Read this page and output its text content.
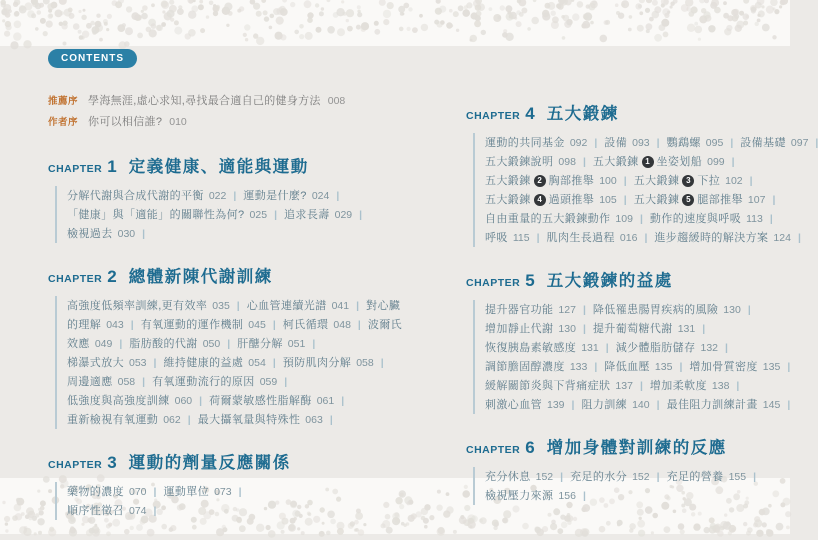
CONTENTS
推薦序 學海無涯,虛心求知,尋找最合適自己的健身方法 008
作者序 你可以相信誰? 010
CHAPTER 1 定義健康、適能與運動
分解代謝與合成代謝的平衡 022 | 運動是什麼? 024 |
「健康」與「適能」的關聯性為何? 025 | 追求長壽 029 |
檢視過去 030 |
CHAPTER 2 總體新陳代謝訓練
高強度低頻率訓練,更有效率 035 | 心血管連續光譜 041 | 對心臟
的理解 043 | 有氧運動的運作機制 045 | 柯氏循環 048 | 波爾氏
效應 049 | 脂肪酸的代謝 050 | 肝醣分解 051 |
梯瀑式放大 053 | 維持健康的益處 054 | 預防肌肉分解 058 |
周邊適應 058 | 有氧運動流行的原因 059 |
低強度與高強度訓練 060 | 荷爾蒙敏感性脂解酶 061 |
重新檢視有氧運動 062 | 最大攝氧量與特殊性 063 |
CHAPTER 3 運動的劑量反應關係
藥物的濃度 070 | 運動單位 073 |
順序性徵召 074 |
CHAPTER 4 五大鍛鍊
運動的共同基金 092 | 設備 093 | 鸚鵡螺 095 | 設備基礎 097 |
五大鍛鍊說明 098 | 五大鍛鍊 1 坐姿划船 099 |
五大鍛鍊 2 胸部推舉 100 | 五大鍛鍊 3 下拉 102 |
五大鍛鍊 4 過頭推舉 105 | 五大鍛鍊 5 腿部推舉 107 |
自由重量的五大鍛鍊動作 109 | 動作的速度與呼吸 113 |
呼吸 115 | 肌肉生長過程 016 | 進步趨緩時的解決方案 124 |
CHAPTER 5 五大鍛鍊的益處
提升器官功能 127 | 降低罹患腸胃疾病的風險 130 |
增加靜止代謝 130 | 提升葡萄糖代謝 131 |
恢復胰島素敏感度 131 | 減少體脂肪儲存 132 |
調節膽固醇濃度 133 | 降低血壓 135 | 增加骨質密度 135 |
緩解關節炎與下背痛症狀 137 | 增加柔軟度 138 |
刺激心血管 139 | 阻力訓練 140 | 最佳阻力訓練計畫 145 |
CHAPTER 6 增加身體對訓練的反應
充分休息 152 | 充足的水分 152 | 充足的營養 155 |
檢視壓力來源 156 |
